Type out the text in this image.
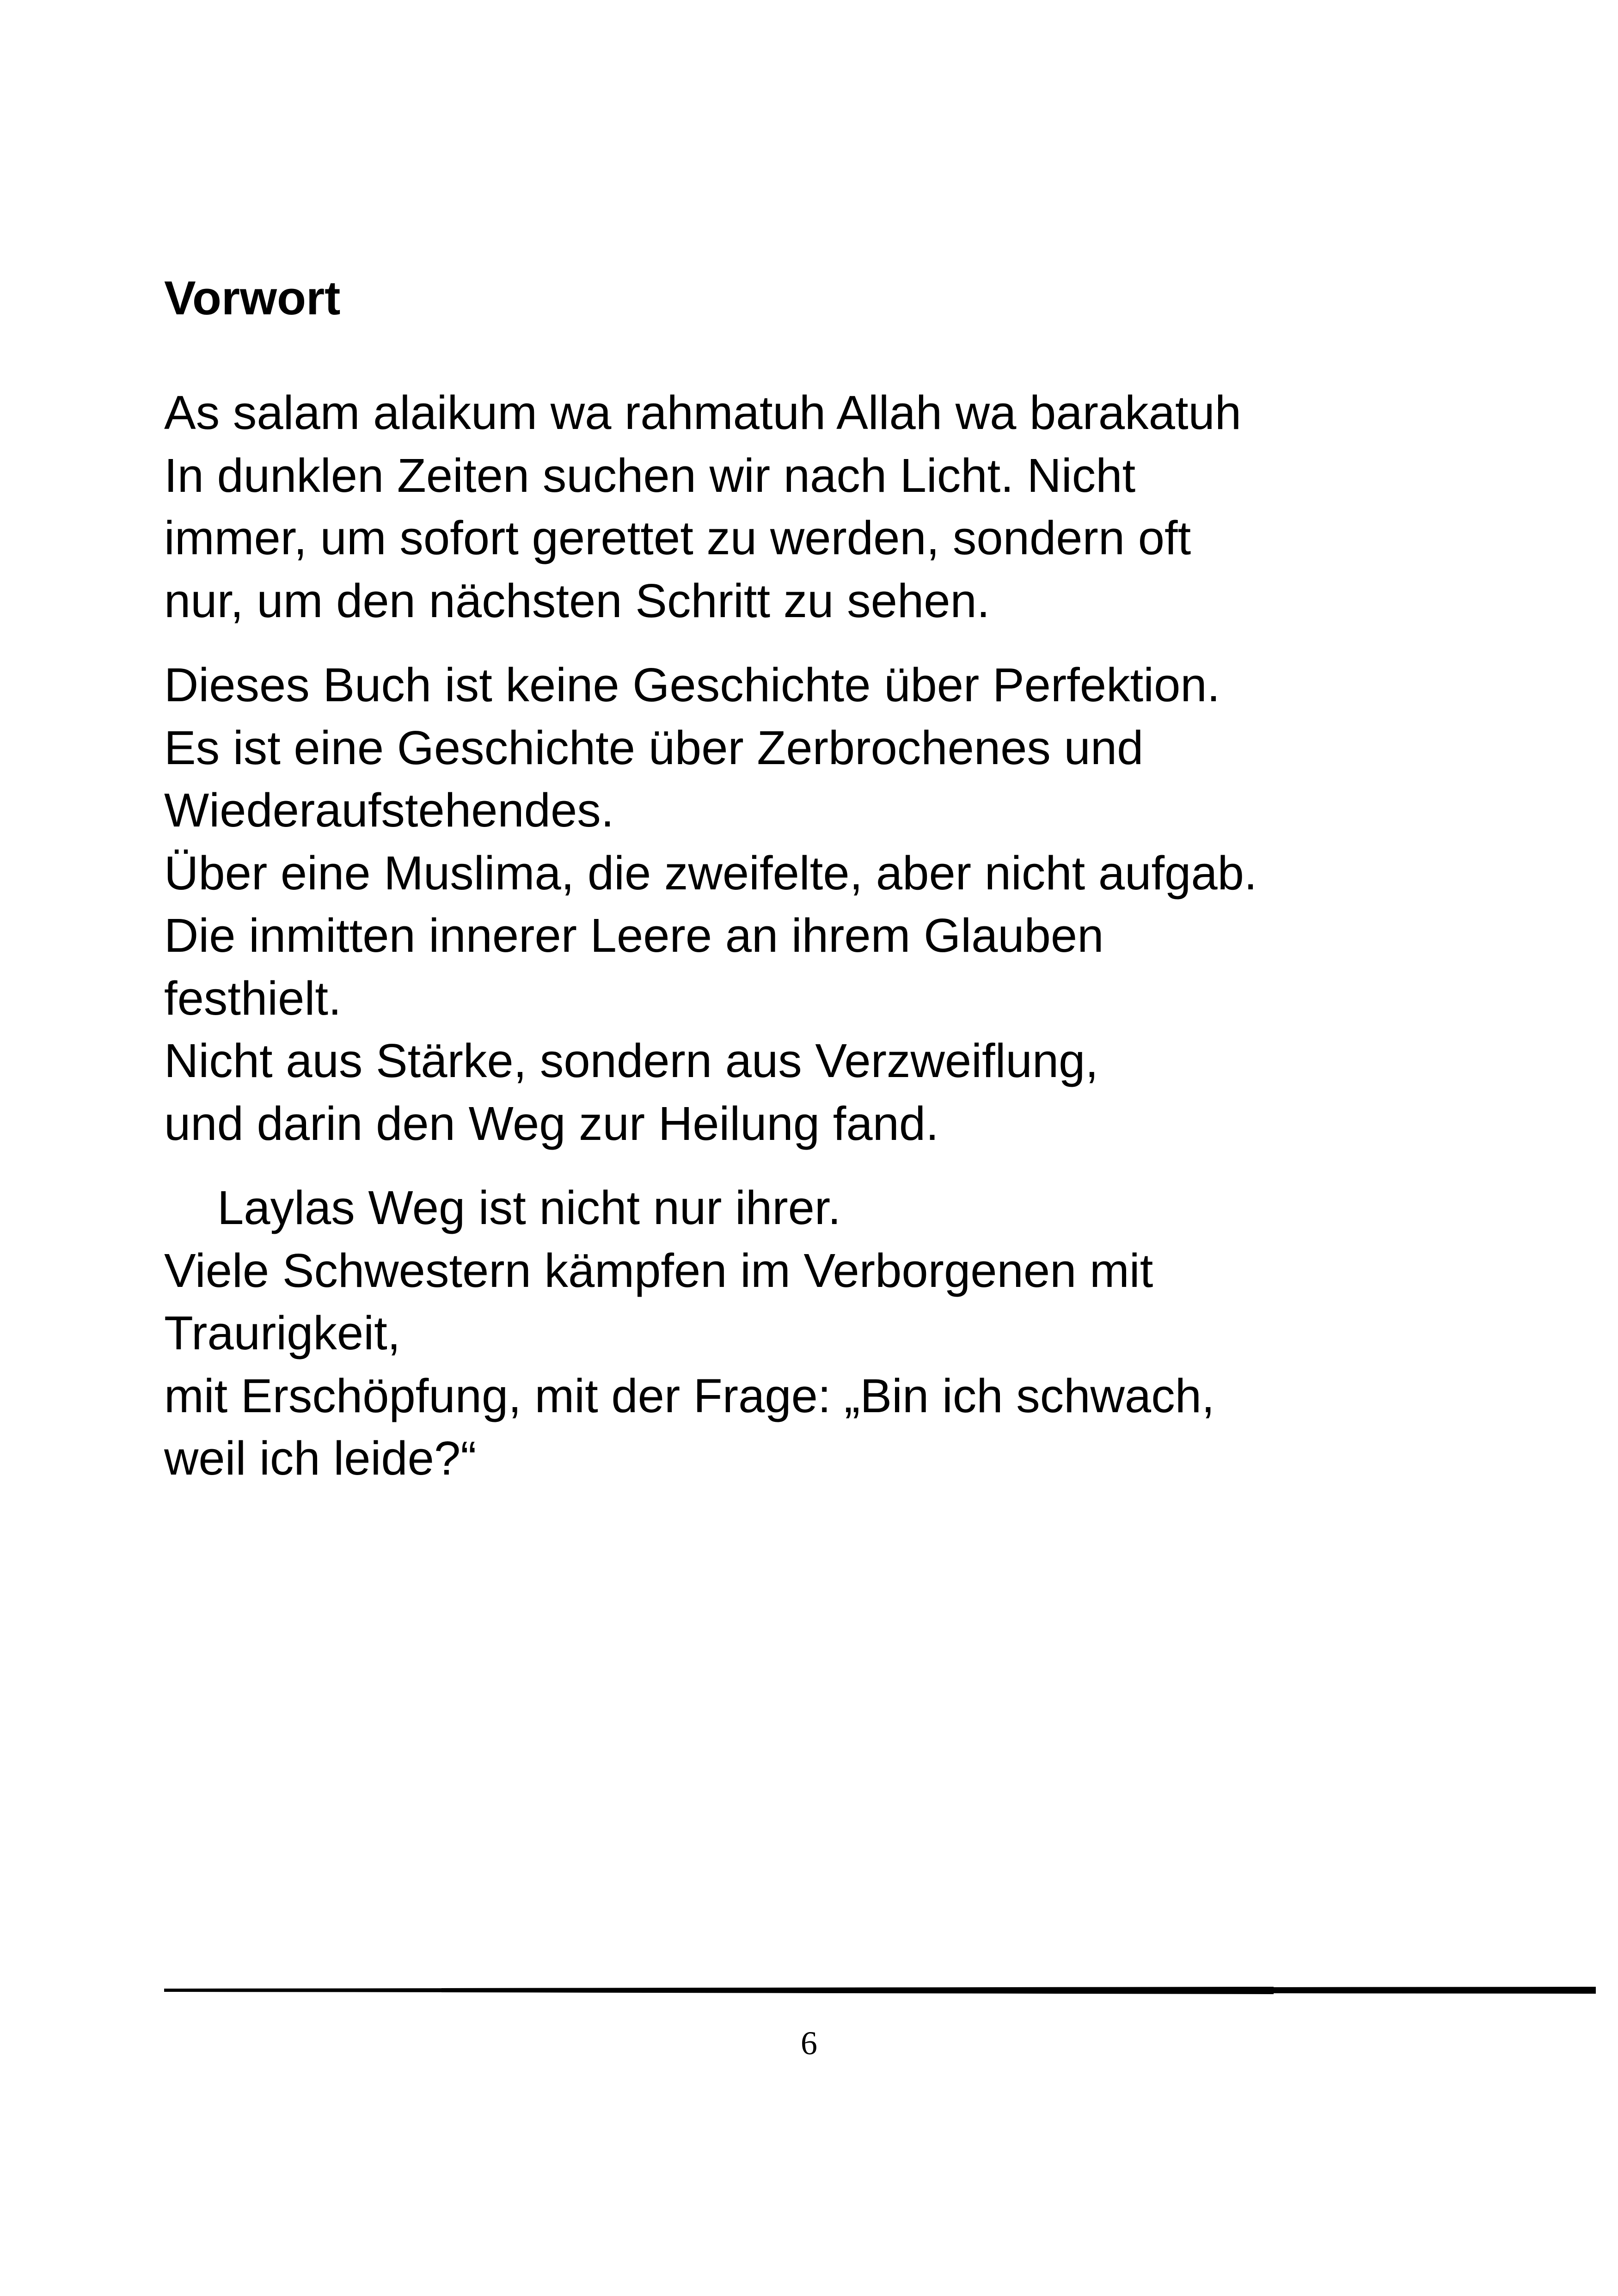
Vorwort

As salam alaikum wa rahmatuh Allah wa barakatuh
In dunklen Zeiten suchen wir nach Licht. Nicht
immer, um sofort gerettet zu werden, sondern oft
nur, um den nächsten Schritt zu sehen.

Dieses Buch ist keine Geschichte über Perfektion.
Es ist eine Geschichte über Zerbrochenes und
Wiederaufstehendes.
Über eine Muslima, die zweifelte, aber nicht aufgab.
Die inmitten innerer Leere an ihrem Glauben
festhielt.
Nicht aus Stärke, sondern aus Verzweiflung,
und darin den Weg zur Heilung fand.

Laylas Weg ist nicht nur ihrer.
Viele Schwestern kämpfen im Verborgenen mit
Traurigkeit,
mit Erschöpfung, mit der Frage: „Bin ich schwach,
weil ich leide?“

6
